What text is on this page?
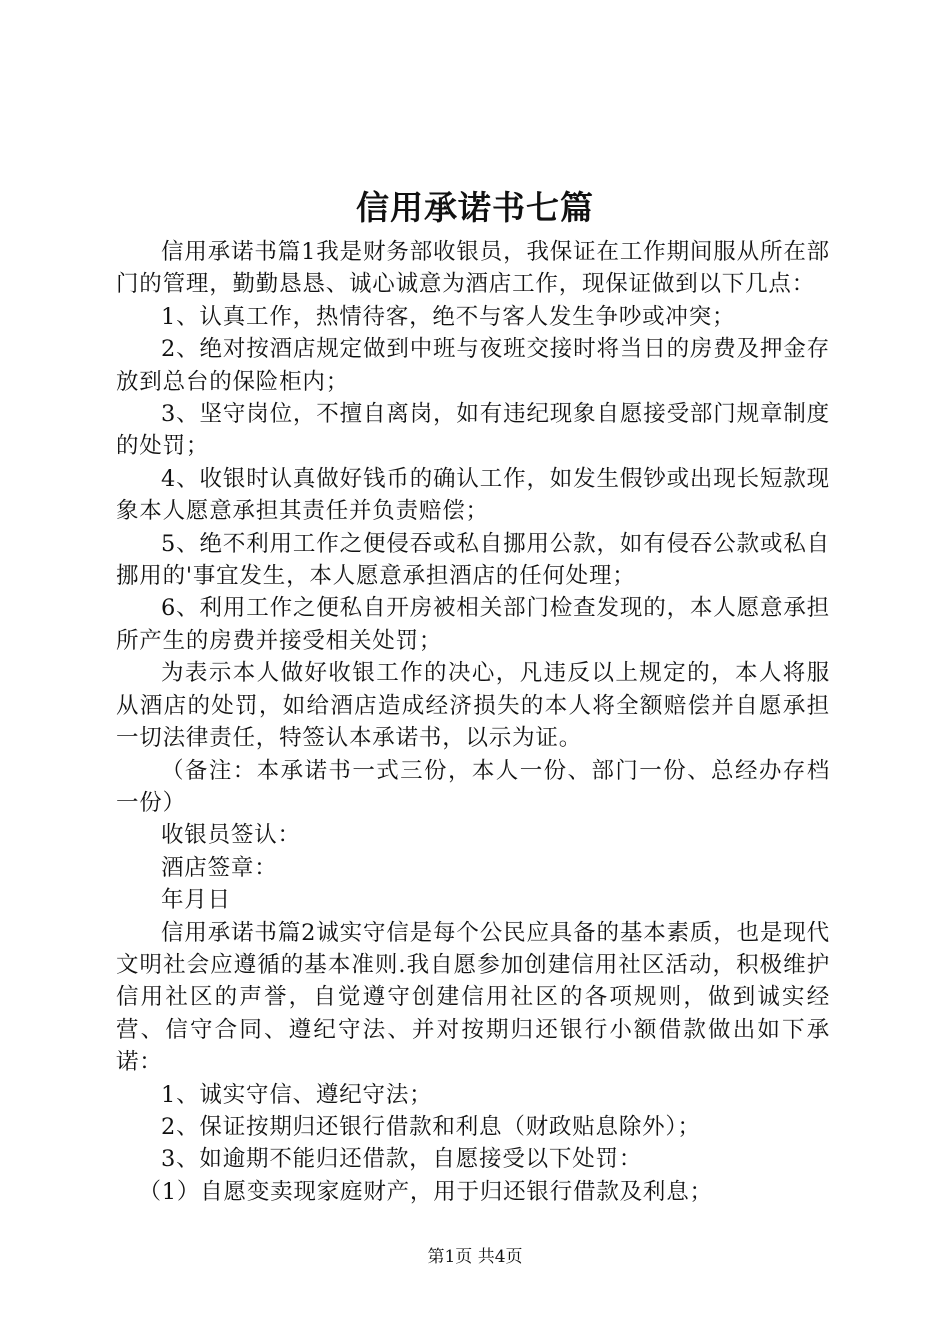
信用承诺书七篇

信用承诺书篇1我是财务部收银员，我保证在工作期间服从所在部门的管理，勤勤恳恳、诚心诚意为酒店工作，现保证做到以下几点：

1、认真工作，热情待客，绝不与客人发生争吵或冲突；

2、绝对按酒店规定做到中班与夜班交接时将当日的房费及押金存放到总台的保险柜内；

3、坚守岗位，不擅自离岗，如有违纪现象自愿接受部门规章制度的处罚；

4、收银时认真做好钱币的确认工作，如发生假钞或出现长短款现象本人愿意承担其责任并负责赔偿；

5、绝不利用工作之便侵吞或私自挪用公款，如有侵吞公款或私自挪用的'事宜发生，本人愿意承担酒店的任何处理；

6、利用工作之便私自开房被相关部门检查发现的，本人愿意承担所产生的房费并接受相关处罚；

为表示本人做好收银工作的决心，凡违反以上规定的，本人将服从酒店的处罚，如给酒店造成经济损失的本人将全额赔偿并自愿承担一切法律责任，特签认本承诺书，以示为证。

（备注：本承诺书一式三份，本人一份、部门一份、总经办存档一份）

收银员签认：

酒店签章：

年月日

信用承诺书篇2诚实守信是每个公民应具备的基本素质，也是现代文明社会应遵循的基本准则.我自愿参加创建信用社区活动，积极维护信用社区的声誉，自觉遵守创建信用社区的各项规则，做到诚实经营、信守合同、遵纪守法、并对按期归还银行小额借款做出如下承诺：

1、诚实守信、遵纪守法；

2、保证按期归还银行借款和利息（财政贴息除外）；

3、如逾期不能归还借款，自愿接受以下处罚：

（1）自愿变卖现家庭财产，用于归还银行借款及利息；

第1页 共4页
